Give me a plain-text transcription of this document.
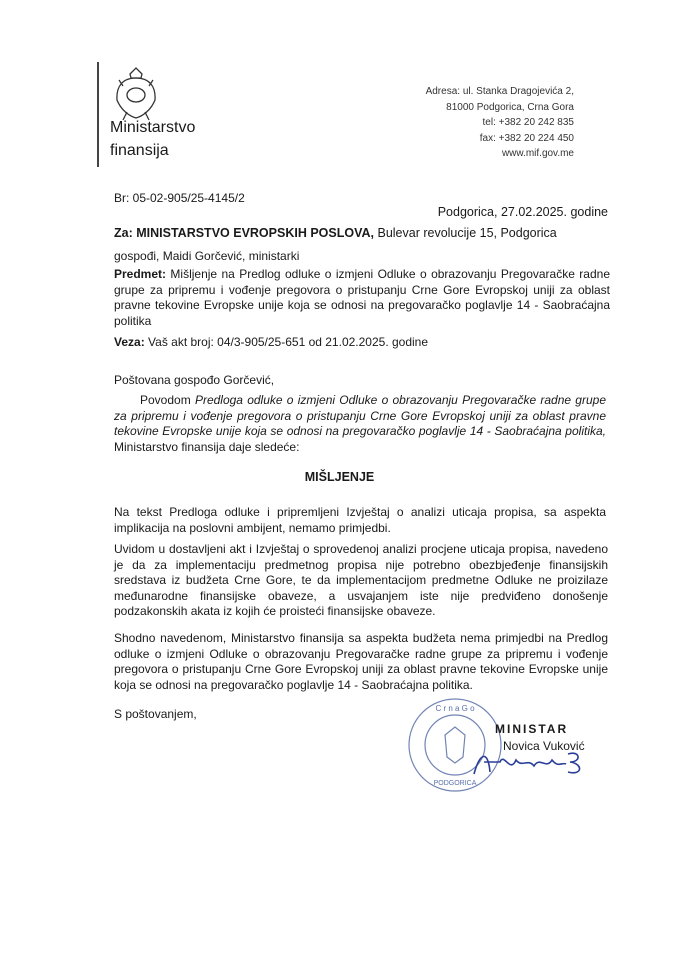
Ministarstvo
finansija
Adresa: ul. Stanka Dragojevića 2,
81000 Podgorica, Crna Gora
tel: +382 20 242 835
fax: +382 20 224 450
www.mif.gov.me
Br: 05-02-905/25-4145/2
Podgorica, 27.02.2025. godine
Za: MINISTARSTVO EVROPSKIH POSLOVA, Bulevar revolucije 15, Podgorica
gospođi, Maidi Gorčević, ministarki
Predmet: Mišljenje na Predlog odluke o izmjeni Odluke o obrazovanju Pregovaračke radne grupe za pripremu i vođenje pregovora o pristupanju Crne Gore Evropskoj uniji za oblast pravne tekovine Evropske unije koja se odnosi na pregovaračko poglavlje 14 - Saobraćajna politika
Veza: Vaš akt broj: 04/3-905/25-651 od 21.02.2025. godine
Poštovana gospođo Gorčević,
Povodom Predloga odluke o izmjeni Odluke o obrazovanju Pregovaračke radne grupe za pripremu i vođenje pregovora o pristupanju Crne Gore Evropskoj uniji za oblast pravne tekovine Evropske unije koja se odnosi na pregovaračko poglavlje 14 - Saobraćajna politika, Ministarstvo finansija daje sledeće:
MIŠLJENJE
Na tekst Predloga odluke i pripremljeni Izvještaj o analizi uticaja propisa, sa aspekta implikacija na poslovni ambijent, nemamo primjedbi.
Uvidom u dostavljeni akt i Izvještaj o sprovedenoj analizi procjene uticaja propisa, navedeno je da za implementaciju predmetnog propisa nije potrebno obezbjeđenje finansijskih sredstava iz budžeta Crne Gore, te da implementacijom predmetne Odluke ne proizilaze međunarodne finansijske obaveze, a usvajanjem iste nije predviđeno donošenje podzakonskih akata iz kojih će proisteći finansijske obaveze.
Shodno navedenom, Ministarstvo finansija sa aspekta budžeta nema primjedbi na Predlog odluke o izmjeni Odluke o obrazovanju Pregovaračke radne grupe za pripremu i vođenje pregovora o pristupanju Crne Gore Evropskoj uniji za oblast pravne tekovine Evropske unije koja se odnosi na pregovaračko poglavlje 14 - Saobraćajna politika.
S poštovanjem,	C r n a G o
PODGORICA
MINISTAR
Novica Vuković
